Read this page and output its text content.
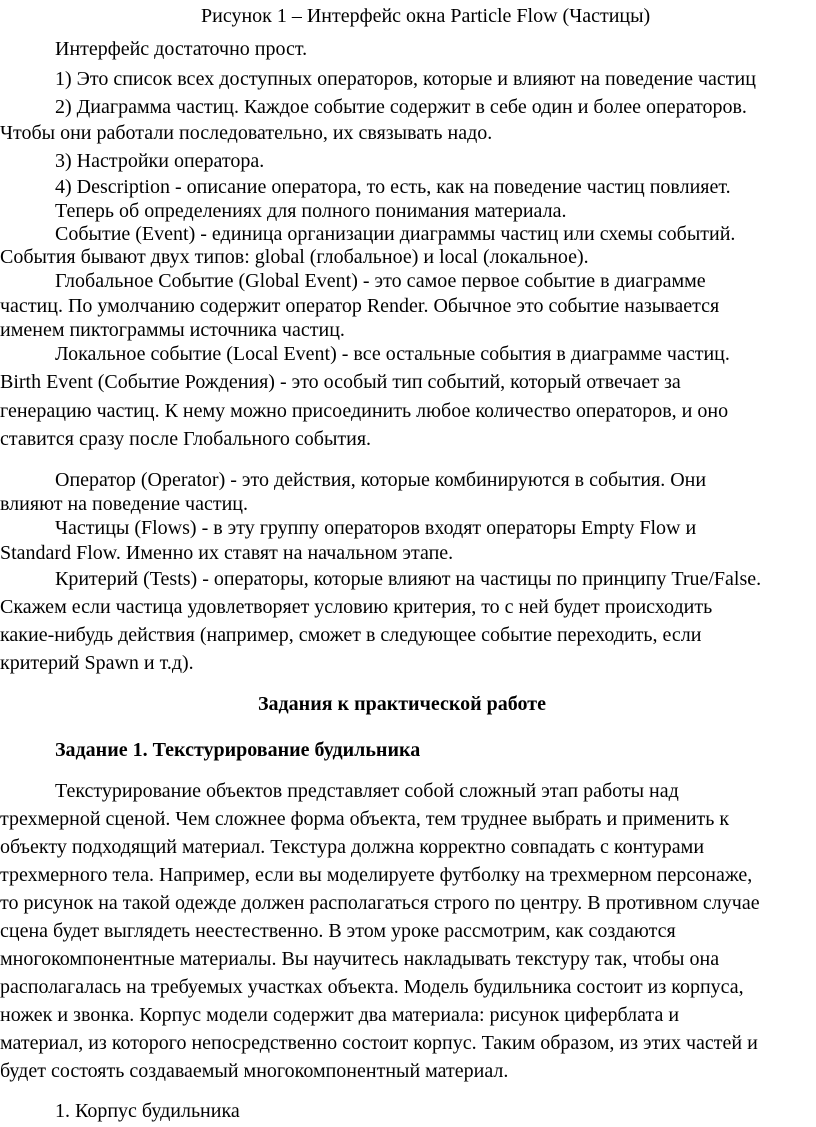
Рисунок 1 – Интерфейс окна Particle Flow (Частицы)
Интерфейс достаточно прост.
1) Это список всех доступных операторов, которые и влияют на поведение частиц
2) Диаграмма частиц. Каждое событие содержит в себе один и более операторов.
Чтобы они работали последовательно, их связывать надо.
3) Настройки оператора.
4) Description - описание оператора, то есть, как на поведение частиц повлияет.
Теперь об определениях для полного понимания материала.
Событие (Event) - единица организации диаграммы частиц или схемы событий.
События бывают двух типов: global (глобальное) и local (локальное).
Глобальное Событие (Global Event) - это самое первое событие в диаграмме
частиц. По умолчанию содержит оператор Render. Обычное это событие называется
именем пиктограммы источника частиц.
Локальное событие (Local Event) - все остальные события в диаграмме частиц.
Birth Event (Событие Рождения) - это особый тип событий, который отвечает за
генерацию частиц. К нему можно присоединить любое количество операторов, и оно
ставится сразу после Глобального события.
Оператор (Operator) - это действия, которые комбинируются в события. Они
влияют на поведение частиц.
Частицы (Flows) - в эту группу операторов входят операторы Empty Flow и
Standard Flow. Именно их ставят на начальном этапе.
Критерий (Tests) - операторы, которые влияют на частицы по принципу True/False.
Скажем если частица удовлетворяет условию критерия, то с ней будет происходить
какие-нибудь действия (например, сможет в следующее событие переходить, если
критерий Spawn и т.д).
Задания к практической работе
Задание 1. Текстурирование будильника
Текстурирование объектов представляет собой сложный этап работы над
трехмерной сценой. Чем сложнее форма объекта, тем труднее выбрать и применить к
объекту подходящий материал. Текстура должна корректно совпадать с контурами
трехмерного тела. Например, если вы моделируете футболку на трехмерном персонаже,
то рисунок на такой одежде должен располагаться строго по центру. В противном случае
сцена будет выглядеть неестественно. В этом уроке рассмотрим, как создаются
многокомпонентные материалы. Вы научитесь накладывать текстуру так, чтобы она
располагалась на требуемых участках объекта. Модель будильника состоит из корпуса,
ножек и звонка. Корпус модели содержит два материала: рисунок циферблата и
материал, из которого непосредственно состоит корпус. Таким образом, из этих частей и
будет состоять создаваемый многокомпонентный материал.
1. Корпус будильника
